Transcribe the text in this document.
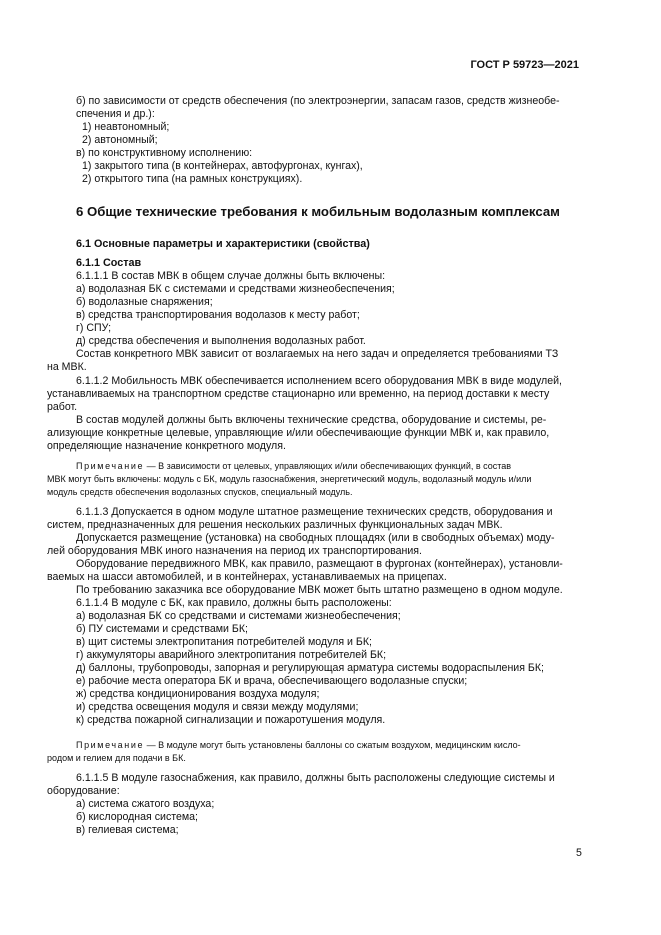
ГОСТ Р 59723—2021
б) по зависимости от средств обеспечения (по электроэнергии, запасам газов, средств жизнеобе-
спечения и др.):
1) неавтономный;
2) автономный;
в) по конструктивному исполнению:
1) закрытого типа (в контейнерах, автофургонах, кунгах),
2) открытого типа (на рамных конструкциях).
6 Общие технические требования к мобильным водолазным комплексам
6.1 Основные параметры и характеристики (свойства)
6.1.1 Состав
6.1.1.1 В состав МВК в общем случае должны быть включены:
а) водолазная БК с системами и средствами жизнеобеспечения;
б) водолазные снаряжения;
в) средства транспортирования водолазов к месту работ;
г) СПУ;
д) средства обеспечения и выполнения водолазных работ.
Состав конкретного МВК зависит от возлагаемых на него задач и определяется требованиями ТЗ
на МВК.
6.1.1.2 Мобильность МВК обеспечивается исполнением всего оборудования МВК в виде модулей,
устанавливаемых на транспортном средстве стационарно или временно, на период доставки к месту
работ.
В состав модулей должны быть включены технические средства, оборудование и системы, ре-
ализующие конкретные целевые, управляющие и/или обеспечивающие функции МВК и, как правило,
определяющие назначение конкретного модуля.
МВК могут быть включены: модуль с БК, модуль газоснабжения, энергетический модуль, водолазный модуль и/или
модуль средств обеспечения водолазных спусков, специальный модуль.
6.1.1.3 Допускается в одном модуле штатное размещение технических средств, оборудования и
систем, предназначенных для решения нескольких различных функциональных задач МВК.
Допускается размещение (установка) на свободных площадях (или в свободных объемах) моду-
лей оборудования МВК иного назначения на период их транспортирования.
Оборудование передвижного МВК, как правило, размещают в фургонах (контейнерах), установли-
ваемых на шасси автомобилей, и в контейнерах, устанавливаемых на прицепах.
По требованию заказчика все оборудование МВК может быть штатно размещено в одном модуле.
6.1.1.4 В модуле с БК, как правило, должны быть расположены:
а) водолазная БК со средствами и системами жизнеобеспечения;
б) ПУ системами и средствами БК;
в) щит системы электропитания потребителей модуля и БК;
г) аккумуляторы аварийного электропитания потребителей БК;
д) баллоны, трубопроводы, запорная и регулирующая арматура системы водораспыления БК;
е) рабочие места оператора БК и врача, обеспечивающего водолазные спуски;
ж) средства кондиционирования воздуха модуля;
и) средства освещения модуля и связи между модулями;
к) средства пожарной сигнализации и пожаротушения модуля.
родом и гелием для подачи в БК.
6.1.1.5 В модуле газоснабжения, как правило, должны быть расположены следующие системы и
оборудование:
а) система сжатого воздуха;
б) кислородная система;
в) гелиевая система;
Примечание — В зависимости от целевых, управляющих и/или обеспечивающих функций, в состав
Примечание — В модуле могут быть установлены баллоны со сжатым воздухом, медицинским кисло-
5
